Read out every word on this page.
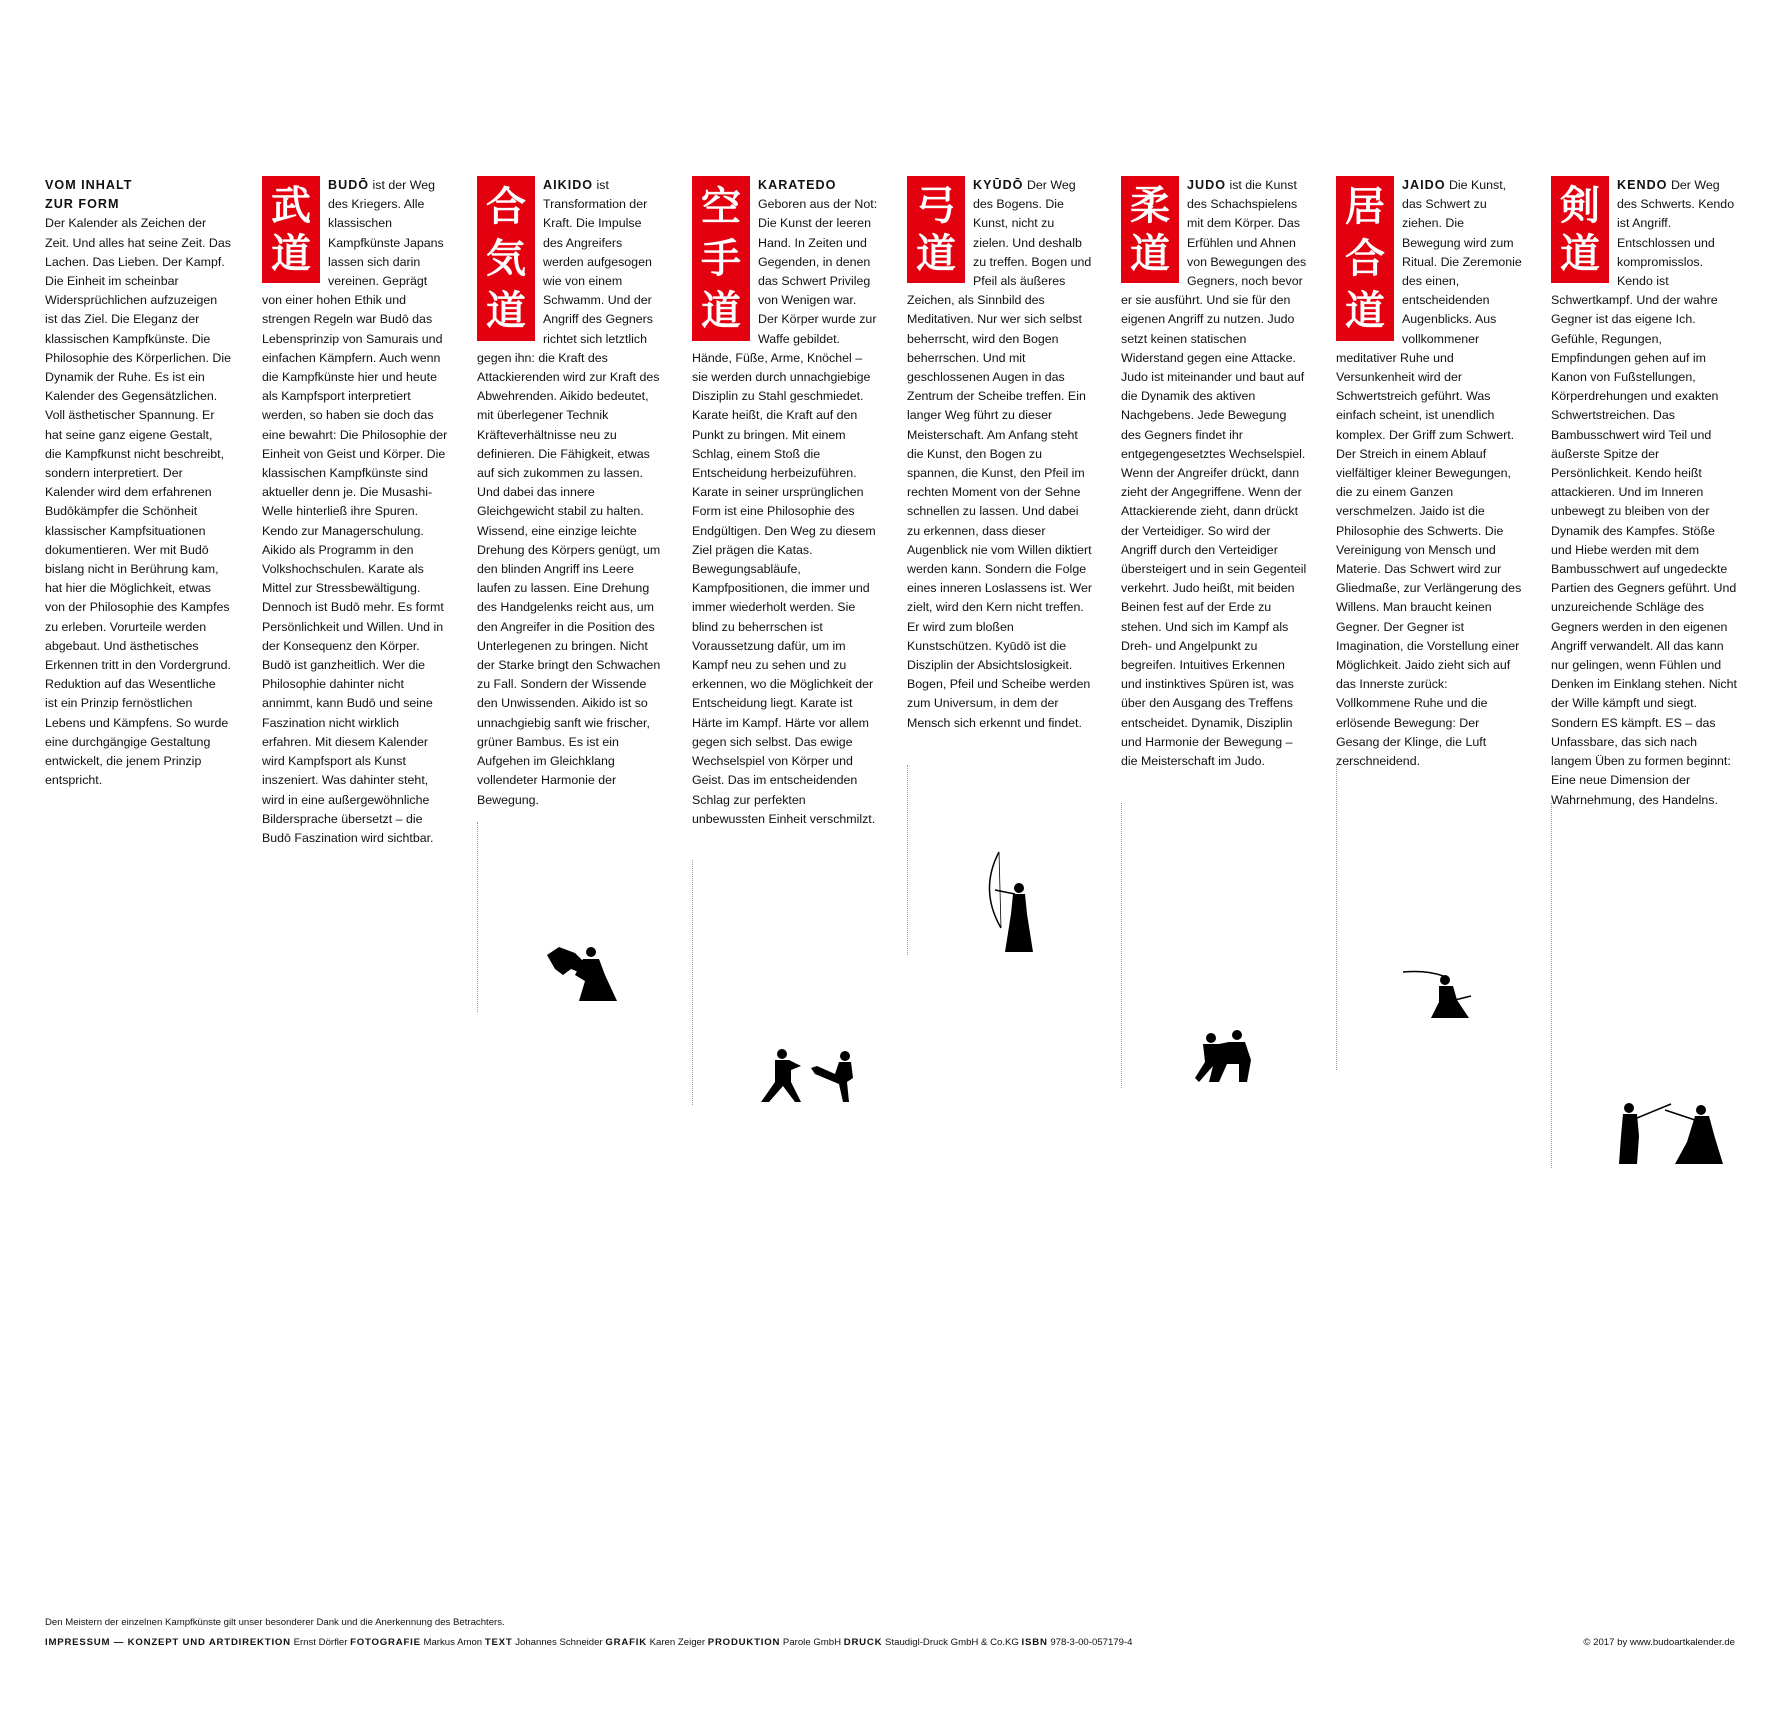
VOM INHALT ZUR FORM

Der Kalender als Zeichen der Zeit. Und alles hat seine Zeit. Das Lachen. Das Lieben. Der Kampf. Die Einheit im scheinbar Widersprüchlichen aufzuzeigen ist das Ziel. Die Eleganz der klassischen Kampfkünste. Die Philosophie des Körperlichen. Die Dynamik der Ruhe. Es ist ein Kalender des Gegensätzlichen. Voll ästhetischer Spannung. Er hat seine ganz eigene Gestalt, die Kampfkunst nicht beschreibt, sondern interpretiert. Der Kalender wird dem erfahrenen Budōkämpfer die Schönheit klassischer Kampfsituationen dokumentieren. Wer mit Budō bislang nicht in Berührung kam, hat hier die Möglichkeit, etwas von der Philosophie des Kampfes zu erleben. Vorurteile werden abgebaut. Und ästhetisches Erkennen tritt in den Vordergrund. Reduktion auf das Wesentliche ist ein Prinzip fernöstlichen Lebens und Kämpfens. So wurde eine durchgängige Gestaltung entwickelt, die jenem Prinzip entspricht.

武
道

BUDŌ ist der Weg des Kriegers. Alle klassischen Kampfkünste Japans lassen sich darin vereinen. Geprägt von einer hohen Ethik und strengen Regeln war Budō das Lebensprinzip von Samurais und einfachen Kämpfern. Auch wenn die Kampfkünste hier und heute als Kampfsport interpretiert werden, so haben sie doch das eine bewahrt: Die Philosophie der Einheit von Geist und Körper. Die klassischen Kampfkünste sind aktueller denn je. Die Musashi-Welle hinterließ ihre Spuren. Kendo zur Managerschulung. Aikido als Programm in den Volkshochschulen. Karate als Mittel zur Stressbewältigung. Dennoch ist Budō mehr. Es formt Persönlichkeit und Willen. Und in der Konsequenz den Körper. Budō ist ganzheitlich. Wer die Philosophie dahinter nicht annimmt, kann Budō und seine Faszination nicht wirklich erfahren. Mit diesem Kalender wird Kampfsport als Kunst inszeniert. Was dahinter steht, wird in eine außergewöhnliche Bildersprache übersetzt – die Budō Faszination wird sichtbar.

合
気
道

AIKIDO ist Transformation der Kraft. Die Impulse des Angreifers werden aufgesogen wie von einem Schwamm. Und der Angriff des Gegners richtet sich letztlich gegen ihn: die Kraft des Attackierenden wird zur Kraft des Abwehrenden. Aikido bedeutet, mit überlegener Technik Kräfteverhältnisse neu zu definieren. Die Fähigkeit, etwas auf sich zukommen zu lassen. Und dabei das innere Gleichgewicht stabil zu halten. Wissend, eine einzige leichte Drehung des Körpers genügt, um den blinden Angriff ins Leere laufen zu lassen. Eine Drehung des Handgelenks reicht aus, um den Angreifer in die Position des Unterlegenen zu bringen. Nicht der Starke bringt den Schwachen zu Fall. Sondern der Wissende den Unwissenden. Aikido ist so unnachgiebig sanft wie frischer, grüner Bambus. Es ist ein Aufgehen im Gleichklang vollendeter Harmonie der Bewegung.

空
手
道

KARATEDO
Geboren aus der Not: Die Kunst der leeren Hand. In Zeiten und Gegenden, in denen das Schwert Privileg von Wenigen war. Der Körper wurde zur Waffe gebildet. Hände, Füße, Arme, Knöchel – sie werden durch unnachgiebige Disziplin zu Stahl geschmiedet. Karate heißt, die Kraft auf den Punkt zu bringen. Mit einem Schlag, einem Stoß die Entscheidung herbeizuführen. Karate in seiner ursprünglichen Form ist eine Philosophie des Endgültigen. Den Weg zu diesem Ziel prägen die Katas. Bewegungsabläufe, Kampfpositionen, die immer und immer wiederholt werden. Sie blind zu beherrschen ist Voraussetzung dafür, um im Kampf neu zu sehen und zu erkennen, wo die Möglichkeit der Entscheidung liegt. Karate ist Härte im Kampf. Härte vor allem gegen sich selbst. Das ewige Wechselspiel von Körper und Geist. Das im entscheidenden Schlag zur perfekten unbewussten Einheit verschmilzt.

弓
道

KYŪDŌ Der Weg des Bogens. Die Kunst, nicht zu zielen. Und deshalb zu treffen. Bogen und Pfeil als äußeres Zeichen, als Sinnbild des Meditativen. Nur wer sich selbst beherrscht, wird den Bogen beherrschen. Und mit geschlossenen Augen in das Zentrum der Scheibe treffen. Ein langer Weg führt zu dieser Meisterschaft. Am Anfang steht die Kunst, den Bogen zu spannen, die Kunst, den Pfeil im rechten Moment von der Sehne schnellen zu lassen. Und dabei zu erkennen, dass dieser Augenblick nie vom Willen diktiert werden kann. Sondern die Folge eines inneren Loslassens ist. Wer zielt, wird den Kern nicht treffen. Er wird zum bloßen Kunstschützen. Kyūdō ist die Disziplin der Absichtslosigkeit. Bogen, Pfeil und Scheibe werden zum Universum, in dem der Mensch sich erkennt und findet.

柔
道

JUDO ist die Kunst des Schachspielens mit dem Körper. Das Erfühlen und Ahnen von Bewegungen des Gegners, noch bevor er sie ausführt. Und sie für den eigenen Angriff zu nutzen. Judo setzt keinen statischen Widerstand gegen eine Attacke. Judo ist miteinander und baut auf die Dynamik des aktiven Nachgebens. Jede Bewegung des Gegners findet ihr entgegengesetztes Wechselspiel. Wenn der Angreifer drückt, dann zieht der Angegriffene. Wenn der Attackierende zieht, dann drückt der Verteidiger. So wird der Angriff durch den Verteidiger übersteigert und in sein Gegenteil verkehrt. Judo heißt, mit beiden Beinen fest auf der Erde zu stehen. Und sich im Kampf als Dreh- und Angelpunkt zu begreifen. Intuitives Erkennen und instinktives Spüren ist, was über den Ausgang des Treffens entscheidet. Dynamik, Disziplin und Harmonie der Bewegung – die Meisterschaft im Judo.

居
合
道

JAIDO Die Kunst, das Schwert zu ziehen. Die Bewegung wird zum Ritual. Die Zeremonie des einen, entscheidenden Augenblicks. Aus vollkommener meditativer Ruhe und Versunkenheit wird der Schwertstreich geführt. Was einfach scheint, ist unendlich komplex. Der Griff zum Schwert. Der Streich in einem Ablauf vielfältiger kleiner Bewegungen, die zu einem Ganzen verschmelzen. Jaido ist die Philosophie des Schwerts. Die Vereinigung von Mensch und Materie. Das Schwert wird zur Gliedmaße, zur Verlängerung des Willens. Man braucht keinen Gegner. Der Gegner ist Imagination, die Vorstellung einer Möglichkeit. Jaido zieht sich auf das Innerste zurück: Vollkommene Ruhe und die erlösende Bewegung: Der Gesang der Klinge, die Luft zerschneidend.

剣
道

KENDO Der Weg des Schwerts. Kendo ist Angriff. Entschlossen und kompromisslos. Kendo ist Schwertkampf. Und der wahre Gegner ist das eigene Ich. Gefühle, Regungen, Empfindungen gehen auf im Kanon von Fußstellungen, Körperdrehungen und exakten Schwertstreichen. Das Bambusschwert wird Teil und äußerste Spitze der Persönlichkeit. Kendo heißt attackieren. Und im Inneren unbewegt zu bleiben von der Dynamik des Kampfes. Stöße und Hiebe werden mit dem Bambusschwert auf ungedeckte Partien des Gegners geführt. Und unzureichende Schläge des Gegners werden in den eigenen Angriff verwandelt. All das kann nur gelingen, wenn Fühlen und Denken im Einklang stehen. Nicht der Wille kämpft und siegt. Sondern ES kämpft. ES – das Unfassbare, das sich nach langem Üben zu formen beginnt: Eine neue Dimension der Wahrnehmung, des Handelns.

Den Meistern der einzelnen Kampfkünste gilt unser besonderer Dank und die Anerkennung des Betrachters.
IMPRESSUM — KONZEPT UND ARTDIREKTION Ernst Dörfler FOTOGRAFIE Markus Amon TEXT Johannes Schneider GRAFIK Karen Zeiger PRODUKTION Parole GmbH DRUCK Staudigl-Druck GmbH & Co.KG ISBN 978-3-00-057179-4	© 2017 by www.budoartkalender.de
